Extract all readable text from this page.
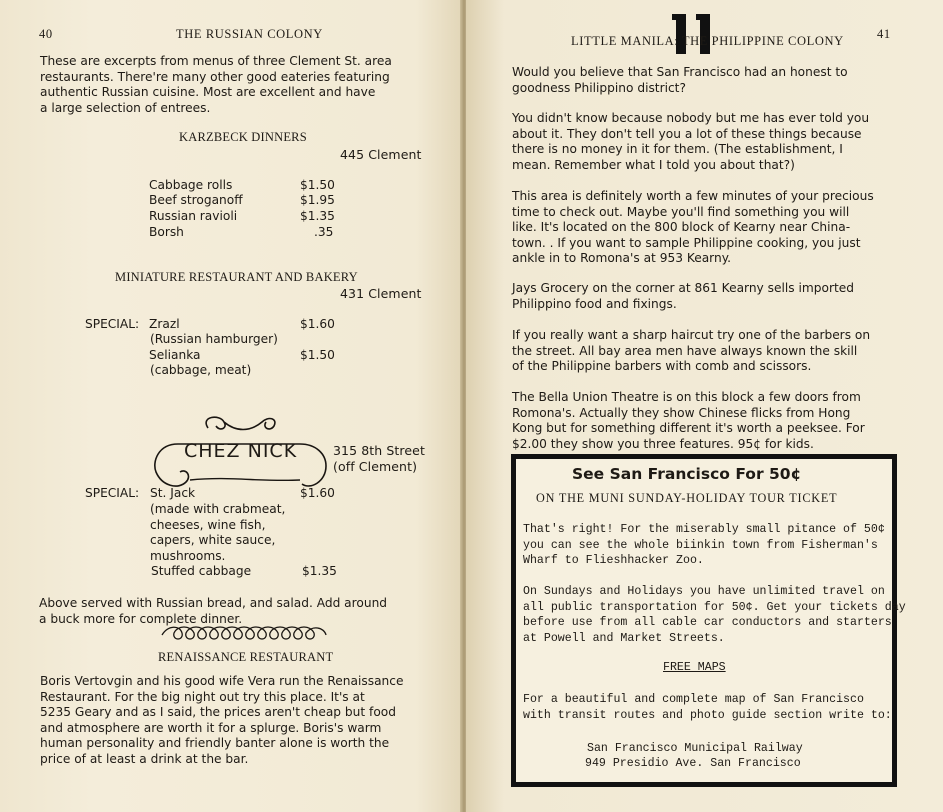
40	THE RUSSIAN COLONY
These are excerpts from menus of three Clement St. area
restaurants. There're many other good eateries featuring
authentic Russian cuisine. Most are excellent and have
a large selection of entrees.
KARZBECK DINNERS
445 Clement
Cabbage rolls	$1.50
Beef stroganoff	$1.95
Russian ravioli	$1.35
Borsh	.35
MINIATURE RESTAURANT AND BAKERY
431 Clement
SPECIAL: Zrazl	$1.60
(Russian hamburger)
Selianka	$1.50
(cabbage, meat)
CHEZ NICK	315 8th Street
(off Clement)
SPECIAL: St. Jack	$1.60
(made with crabmeat,
cheeses, wine fish,
capers, white sauce,
mushrooms.
Stuffed cabbage	$1.35
Above served with Russian bread, and salad. Add around
a buck more for complete dinner.
RENAISSANCE RESTAURANT
Boris Vertovgin and his good wife Vera run the Renaissance
Restaurant. For the big night out try this place. It's at
5235 Geary and as I said, the prices aren't cheap but food
and atmosphere are worth it for a splurge. Boris's warm
human personality and friendly banter alone is worth the
price of at least a drink at the bar.
LITTLE MANILA: THE PHILIPPINE COLONY	41
Would you believe that San Francisco had an honest to
goodness Philippino district?
You didn't know because nobody but me has ever told you
about it. They don't tell you a lot of these things because
there is no money in it for them. (The establishment, I
mean. Remember what I told you about that?)
This area is definitely worth a few minutes of your precious
time to check out. Maybe you'll find something you will
like. It's located on the 800 block of Kearny near China-
town. . If you want to sample Philippine cooking, you just
ankle in to Romona's at 953 Kearny.
Jays Grocery on the corner at 861 Kearny sells imported
Philippino food and fixings.
If you really want a sharp haircut try one of the barbers on
the street. All bay area men have always known the skill
of the Philippine barbers with comb and scissors.
The Bella Union Theatre is on this block a few doors from
Romona's. Actually they show Chinese flicks from Hong
Kong but for something different it's worth a peeksee. For
$2.00 they show you three features. 95¢ for kids.
See San Francisco For 50¢
ON THE MUNI SUNDAY-HOLIDAY TOUR TICKET
That's right! For the miserably small pitance of 50¢
you can see the whole biinkin town from Fisherman's
Wharf to Flieshhacker Zoo.
On Sundays and Holidays you have unlimited travel on
all public transportation for 50¢. Get your tickets day
before use from all cable car conductors and starters
at Powell and Market Streets.
FREE MAPS
For a beautiful and complete map of San Francisco
with transit routes and photo guide section write to:
San Francisco Municipal Railway
949 Presidio Ave. San Francisco
